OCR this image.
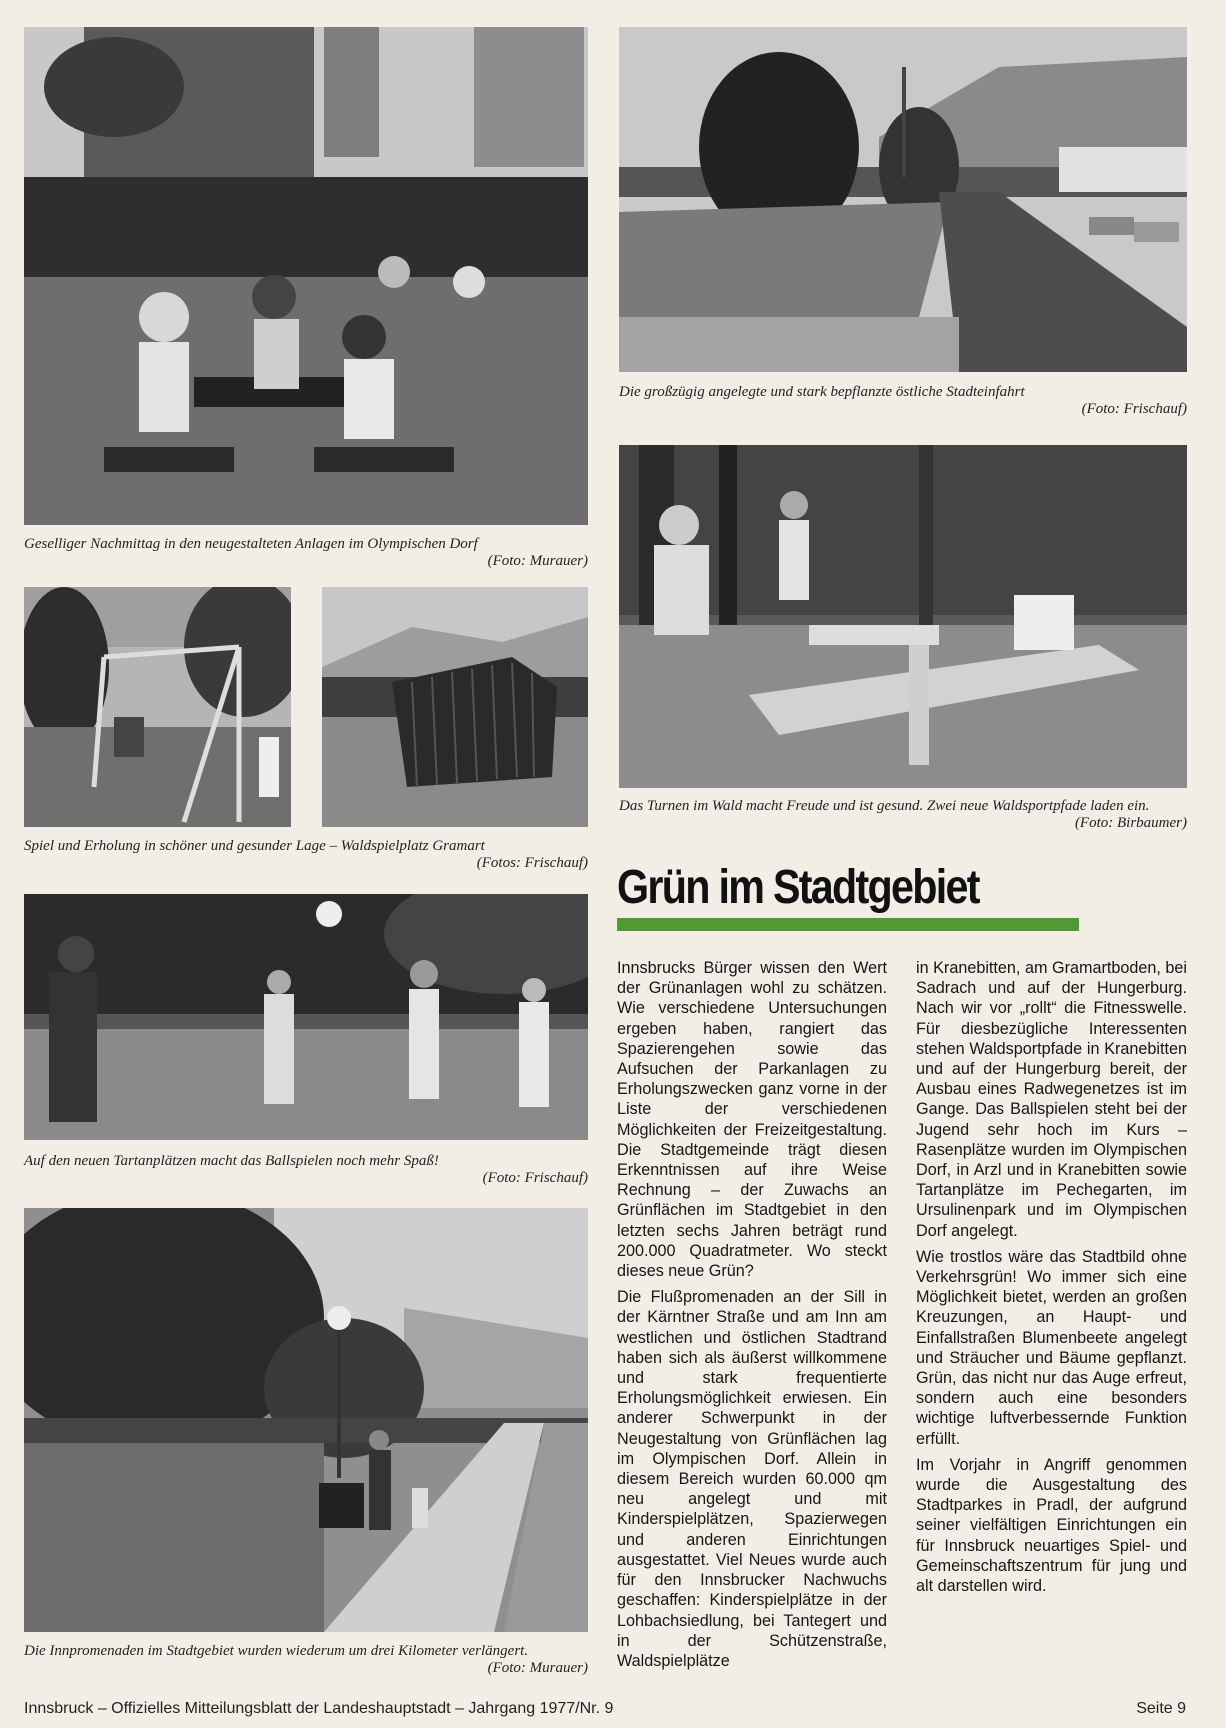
Geselliger Nachmittag in den neugestalteten Anlagen im Olympischen Dorf
(Foto: Murauer)
Die großzügig angelegte und stark bepflanzte östliche Stadteinfahrt
(Foto: Frischauf)
Spiel und Erholung in schöner und gesunder Lage – Waldspielplatz Gramart
(Fotos: Frischauf)
Das Turnen im Wald macht Freude und ist gesund. Zwei neue Waldsportpfade laden ein.
(Foto: Birbaumer)
Auf den neuen Tartanplätzen macht das Ballspielen noch mehr Spaß!
(Foto: Frischauf)
Die Innpromenaden im Stadtgebiet wurden wiederum um drei Kilometer verlängert.
(Foto: Murauer)
Grün im Stadtgebiet

Innsbrucks Bürger wissen den Wert der Grünanlagen wohl zu schätzen. Wie verschiedene Untersuchungen ergeben haben, rangiert das Spazierengehen sowie das Aufsuchen der Parkanlagen zu Erholungszwecken ganz vorne in der Liste der verschiedenen Möglichkeiten der Freizeitgestaltung. Die Stadtgemeinde trägt diesen Erkenntnissen auf ihre Weise Rechnung – der Zuwachs an Grünflächen im Stadtgebiet in den letzten sechs Jahren beträgt rund 200.000 Quadratmeter. Wo steckt dieses neue Grün?

Die Flußpromenaden an der Sill in der Kärntner Straße und am Inn am westlichen und östlichen Stadtrand haben sich als äußerst willkommene und stark frequentierte Erholungsmöglichkeit erwiesen. Ein anderer Schwerpunkt in der Neugestaltung von Grünflächen lag im Olympischen Dorf. Allein in diesem Bereich wurden 60.000 qm neu angelegt und mit Kinderspielplätzen, Spazierwegen und anderen Einrichtungen ausgestattet. Viel Neues wurde auch für den Innsbrucker Nachwuchs geschaffen: Kinderspielplätze in der Lohbachsiedlung, bei Tantegert und in der Schützenstraße, Waldspielplätze

in Kranebitten, am Gramartboden, bei Sadrach und auf der Hungerburg. Nach wir vor „rollt“ die Fitnesswelle. Für diesbezügliche Interessenten stehen Waldsportpfade in Kranebitten und auf der Hungerburg bereit, der Ausbau eines Radwegenetzes ist im Gange. Das Ballspielen steht bei der Jugend sehr hoch im Kurs – Rasenplätze wurden im Olympischen Dorf, in Arzl und in Kranebitten sowie Tartanplätze im Pechegarten, im Ursulinenpark und im Olympischen Dorf angelegt.

Wie trostlos wäre das Stadtbild ohne Verkehrsgrün! Wo immer sich eine Möglichkeit bietet, werden an großen Kreuzungen, an Haupt- und Einfallstraßen Blumenbeete angelegt und Sträucher und Bäume gepflanzt. Grün, das nicht nur das Auge erfreut, sondern auch eine besonders wichtige luftverbessernde Funktion erfüllt.

Im Vorjahr in Angriff genommen wurde die Ausgestaltung des Stadtparkes in Pradl, der aufgrund seiner vielfältigen Einrichtungen ein für Innsbruck neuartiges Spiel- und Gemeinschaftszentrum für jung und alt darstellen wird.

Innsbruck – Offizielles Mitteilungsblatt der Landeshauptstadt – Jahrgang 1977/Nr. 9	Seite 9
